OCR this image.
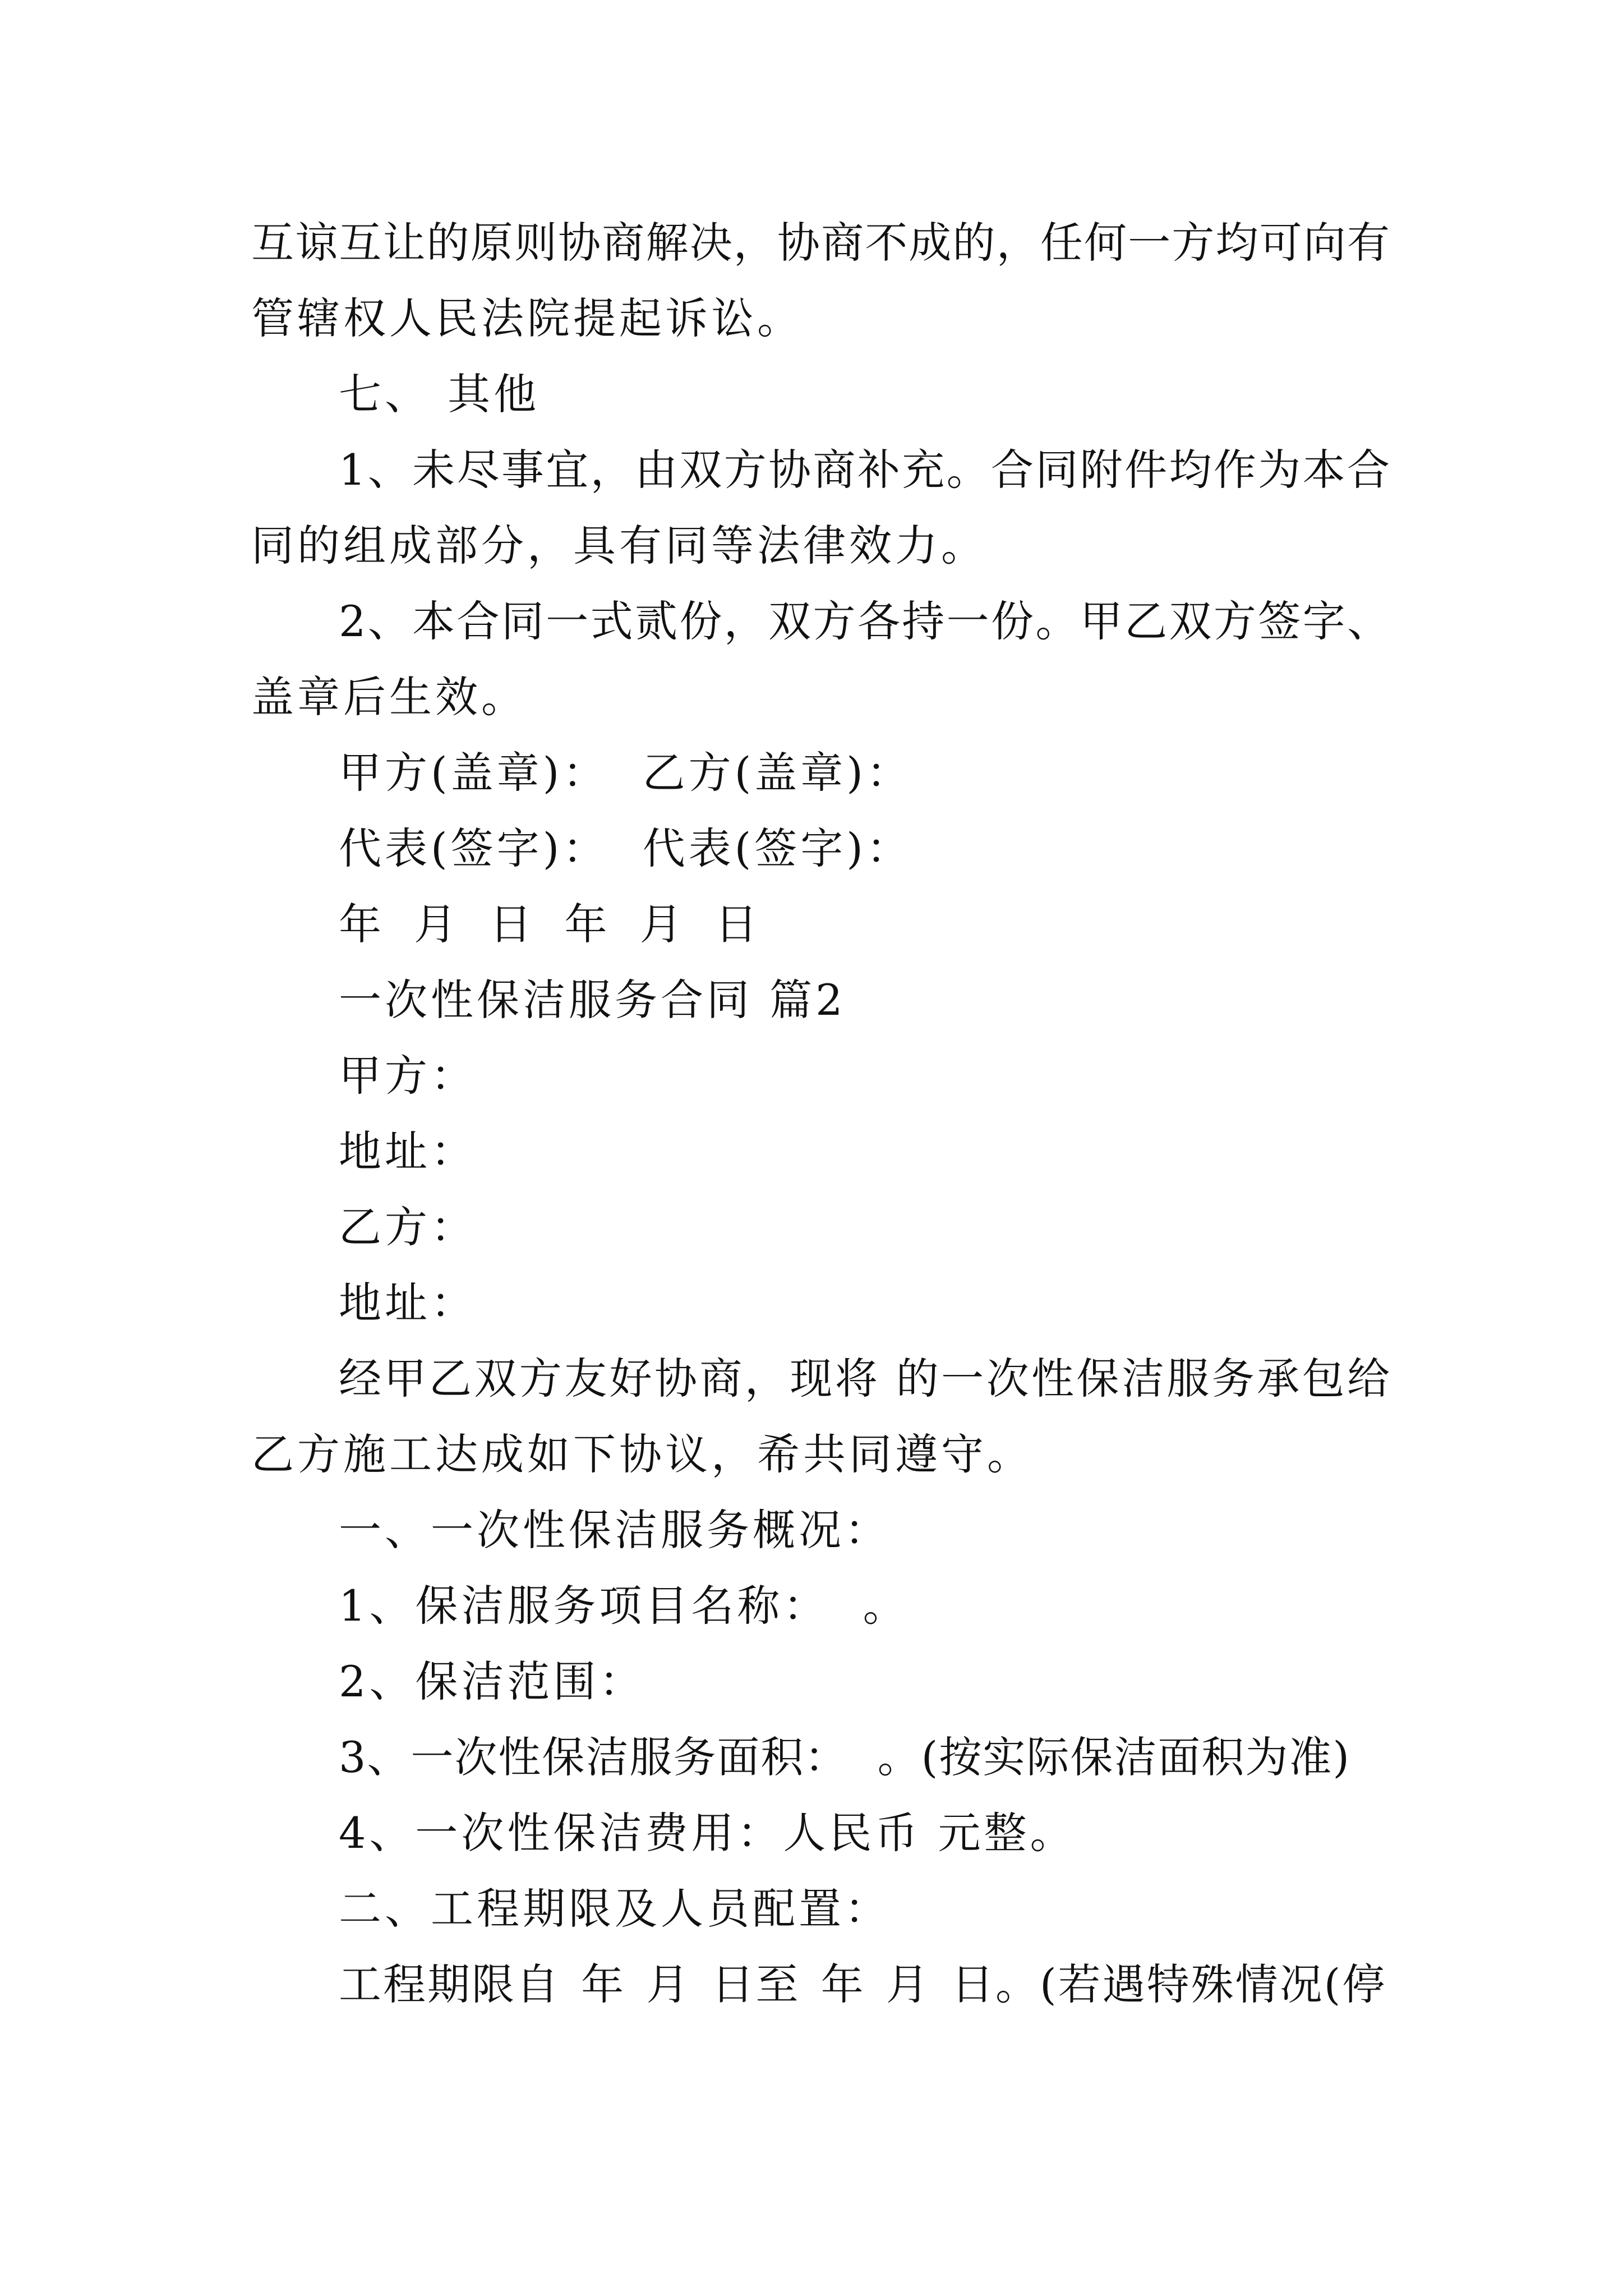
互谅互让的原则协商解决，协商不成的，任何一方均可向有
管辖权人民法院提起诉讼。
七、 其他
1、未尽事宜，由双方协商补充。合同附件均作为本合
同的组成部分，具有同等法律效力。
2、本合同一式贰份，双方各持一份。甲乙双方签字、
盖章后生效。
甲方(盖章)：  乙方(盖章)：
代表(签字)：  代表(签字)：
年 月 日 年 月 日
一次性保洁服务合同 篇2
甲方：
地址：
乙方：
地址：
经甲乙双方友好协商，现将 的一次性保洁服务承包给
乙方施工达成如下协议，希共同遵守。
一、一次性保洁服务概况：
1、保洁服务项目名称：  。
2、保洁范围：
3、一次性保洁服务面积：  。(按实际保洁面积为准)
4、一次性保洁费用：人民币 元整。
二、工程期限及人员配置：
工程期限自 年 月 日至 年 月 日。(若遇特殊情况(停
